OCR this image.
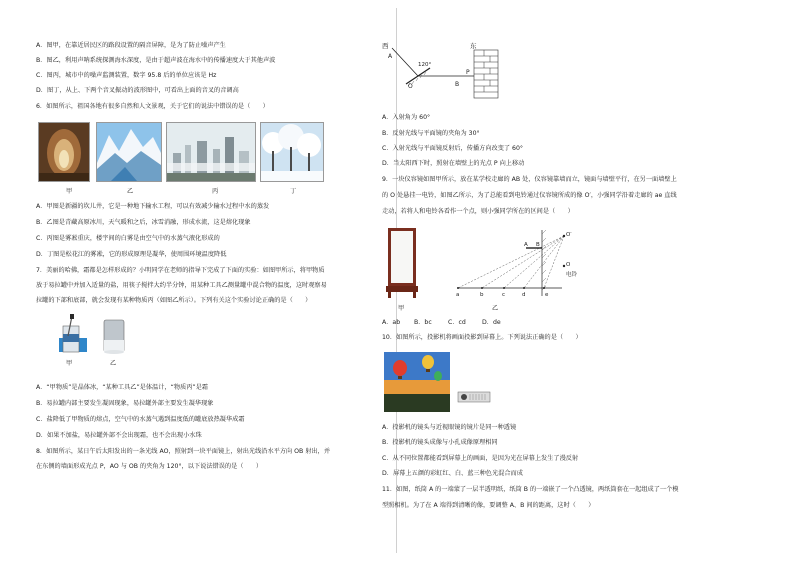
A．图甲，在靠近居民区的路段设置的隔音屏障，是为了防止噪声产生
B．图乙，利用声呐系统探测海水深度，是由于超声波在海水中的传播速度大于其他声波
C．图丙，城市中的噪声监测装置，数字 95.8 后的单位应该是 Hz
D．图丁，从上、下两个音叉振动的波形图中，可看出上面的音叉的音调高
6．如图所示，祖国各地有很多自然和人文景观，关于它们的说法中错误的是（　　）
甲	乙	丙	丁
A．甲图是新疆的坎儿井，它是一种地下输水工程，可以有效减少输水过程中水的蒸发
B．乙图是青藏高原冰川，天气暖和之后，冰雪消融，形成水流，这是熔化现象
C．丙图是雾凇重庆，楼宇间的白雾是由空气中的水蒸气液化形成的
D．丁图是松花江的雾凇，它的形成原理是凝华，使周围环境温度降低
7．美丽的哈佛，霜都是怎样形成的？小明同学在老师的指导下完成了下面的实验：如图甲所示，将甲物质
放于易拉罐中并加入适量的盐，用筷子搅拌大约半分钟，用某种工具乙测量罐中混合物的温度，这时观察易
拉罐的下部和底部，就会发现有某种物质丙（如图乙所示）。下列有关这个实验讨论正确的是（　　）
甲	乙
A．“甲物质”是晶体冰，“某种工具乙”是体温计，“物质丙”是霜
B．易拉罐内部主要发生凝固现象，易拉罐外部主要发生凝华现象
C．盐降低了甲物质的熔点，空气中的水蒸气遇到温度低的罐底放热凝华成霜
D．如果不加盐，易拉罐外部不会出现霜，也不会出现小水珠
8．如图所示，某日午后太阳发出的一条光线 AO，照射到一块平面镜上，射出光线沿水平方向 OB 射出，并
在东侧的墙面形成光点 P，AO 与 OB 的夹角为 120°，以下说法错误的是（　　）
西	东
A
120°
O	B
P
A．入射角为 60°
B．反射光线与平面镜的夹角为 30°
C．入射光线与平面镜反射后，传播方向改变了 60°
D．当太阳西下时，照射在墙壁上的光点 P 向上移动
9．一块仪容镜如图甲所示，放在某学校走廊的 AB 处，仪容镜靠墙而立，镜面与墙壁平行，在另一面墙壁上
的 O 处悬挂一电铃，如图乙所示，为了总能看到电铃通过仪容镜所成的像 O′，小强同学沿着走廊的 ae 直线
走动，若将人和电铃各看作一个点，则小强同学所在的区间是（　　）
甲
a	b	c	d	e
A B
O′
O
电铃
乙
A．ab B．bc	C．cd	D．de
10．如图所示，投影机将画面投影到屏幕上。下列说法正确的是（　　）
A．投影机的镜头与近视眼镜的镜片是同一种透镜
B．投影机的镜头成像与小孔成像原理相同
C．从不同位置都能看到屏幕上的画面，是因为光在屏幕上发生了漫反射
D．屏幕上五颜的彩虹红、白、蓝三种色光混合而成
11．如图，纸筒 A 的一端蒙了一层半透明纸，纸筒 B 的一端嵌了一个凸透镜，两纸筒套在一起组成了一个模
型照相机。为了在 A 端得到清晰的像，要调整 A、B 间的距离，这时（　　）
